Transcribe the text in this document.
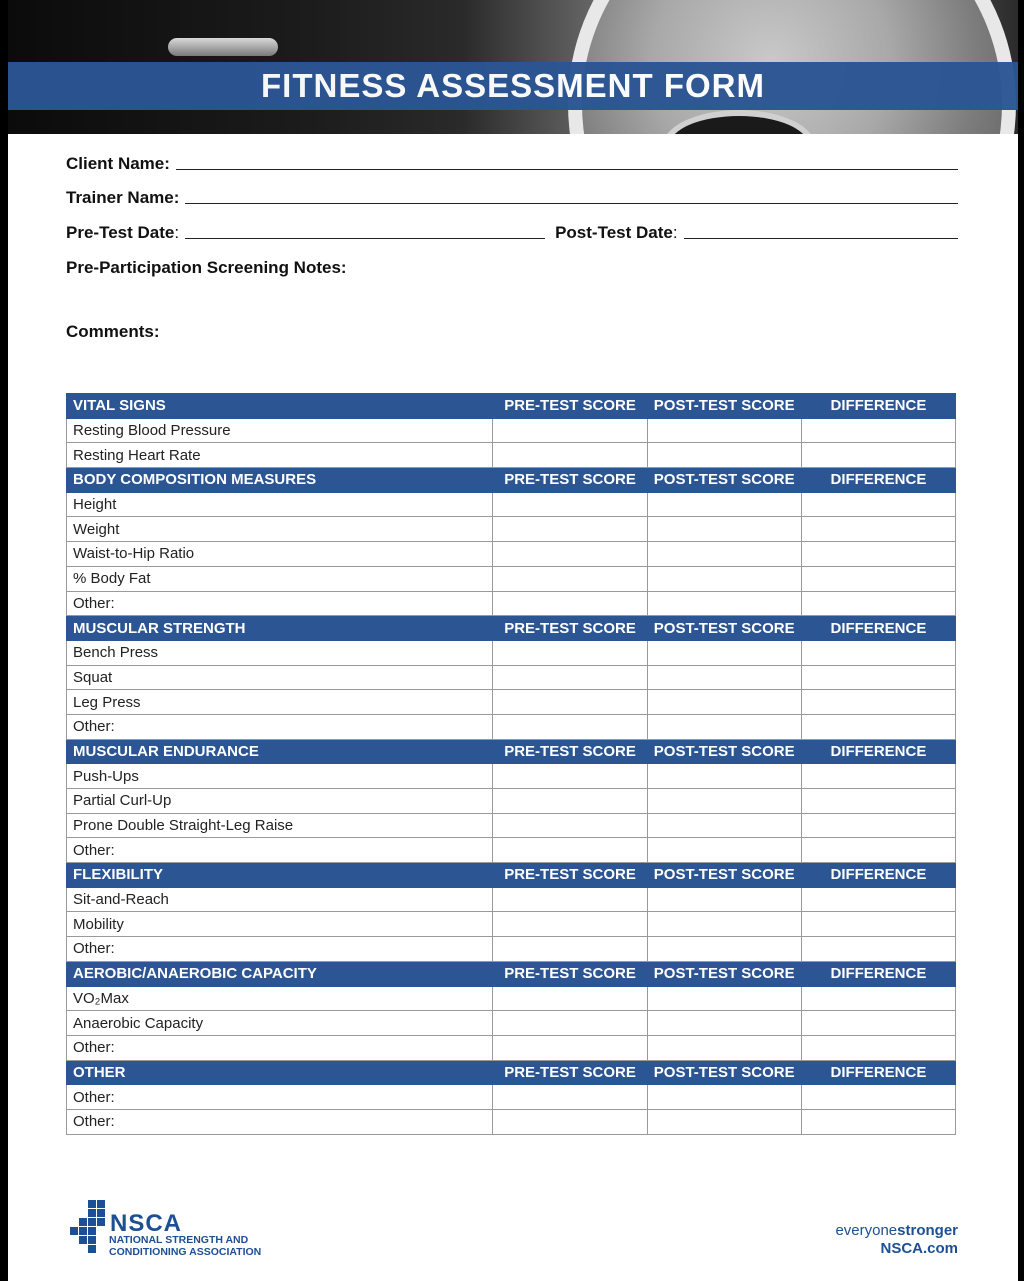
FITNESS ASSESSMENT FORM
Client Name:
Trainer Name:
Pre-Test Date :	Post-Test Date :
Pre-Participation Screening Notes:
Comments:
VITAL SIGNS	PRE-TEST SCORE	POST-TEST SCORE	DIFFERENCE
Resting Blood Pressure			
Resting Heart Rate			
BODY COMPOSITION MEASURES	PRE-TEST SCORE	POST-TEST SCORE	DIFFERENCE
Height			
Weight			
Waist-to-Hip Ratio			
% Body Fat			
Other:			
MUSCULAR STRENGTH	PRE-TEST SCORE	POST-TEST SCORE	DIFFERENCE
Bench Press			
Squat			
Leg Press			
Other:			
MUSCULAR ENDURANCE	PRE-TEST SCORE	POST-TEST SCORE	DIFFERENCE
Push-Ups			
Partial Curl-Up			
Prone Double Straight-Leg Raise			
Other:			
FLEXIBILITY	PRE-TEST SCORE	POST-TEST SCORE	DIFFERENCE
Sit-and-Reach			
Mobility			
Other:			
AEROBIC/ANAEROBIC CAPACITY	PRE-TEST SCORE	POST-TEST SCORE	DIFFERENCE
VO₂Max			
Anaerobic Capacity			
Other:			
OTHER	PRE-TEST SCORE	POST-TEST SCORE	DIFFERENCE
Other:			
Other:			
NSCA
NATIONAL STRENGTH AND
CONDITIONING ASSOCIATION
everyonestronger
NSCA.com
